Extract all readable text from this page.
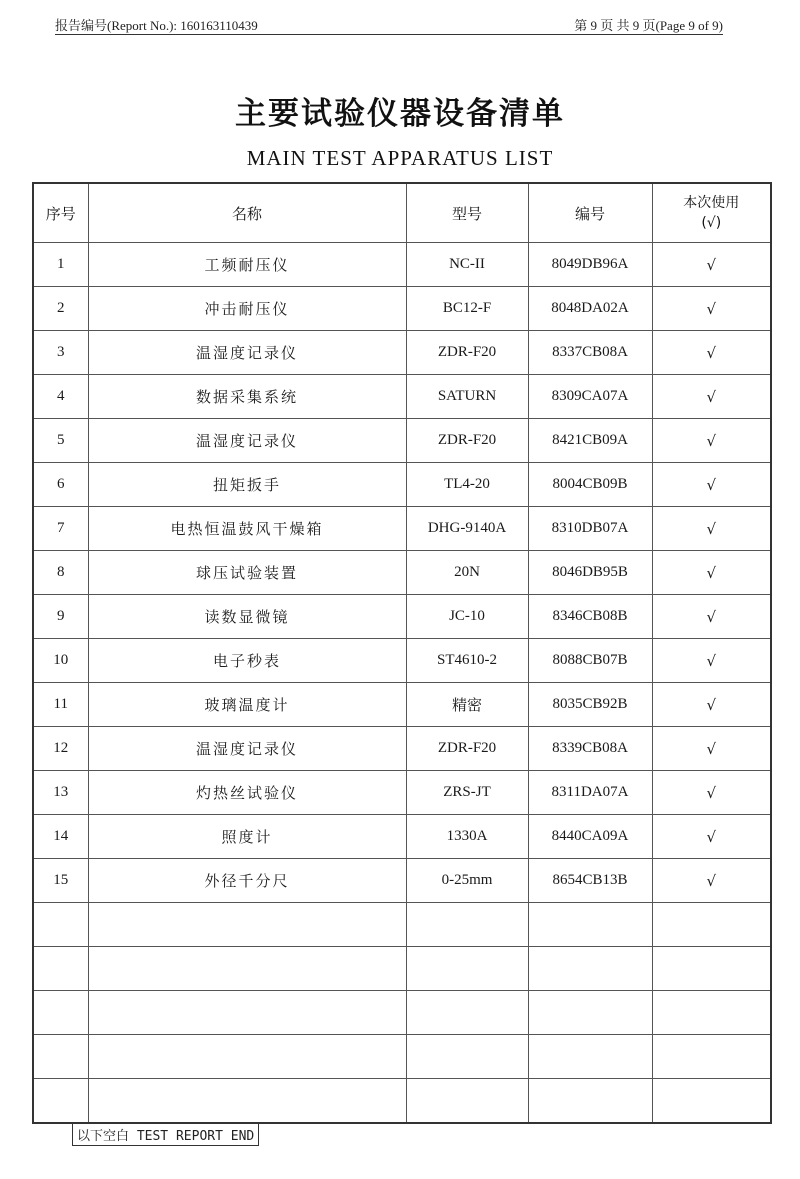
报告编号(Report No.): 160163110439	第 9 页 共 9 页(Page 9 of 9)
主要试验仪器设备清单
MAIN TEST APPARATUS LIST
序号	名称	型号	编号	本次使用
(√)

1	工频耐压仪	NC-II	8049DB96A	√
2	冲击耐压仪	BC12-F	8048DA02A	√
3	温湿度记录仪	ZDR-F20	8337CB08A	√
4	数据采集系统	SATURN	8309CA07A	√
5	温湿度记录仪	ZDR-F20	8421CB09A	√
6	扭矩扳手	TL4-20	8004CB09B	√
7	电热恒温鼓风干燥箱	DHG-9140A	8310DB07A	√
8	球压试验装置	20N	8046DB95B	√
9	读数显微镜	JC-10	8346CB08B	√
10	电子秒表	ST4610-2	8088CB07B	√
11	玻璃温度计	精密	8035CB92B	√
12	温湿度记录仪	ZDR-F20	8339CB08A	√
13	灼热丝试验仪	ZRS-JT	8311DA07A	√
14	照度计	1330A	8440CA09A	√
15	外径千分尺	0-25mm	8654CB13B	√

以下空白 TEST REPORT END
